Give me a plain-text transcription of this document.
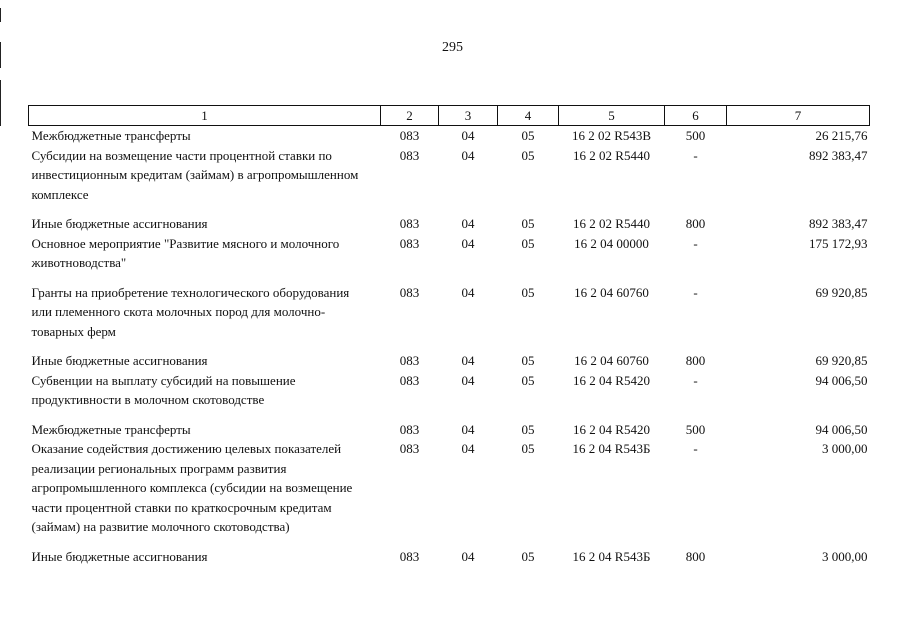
295
1	2	3	4	5	6	7
Межбюджетные трансферты	083	04	05	16 2 02 R543В	500	26 215,76
Субсидии на возмещение части процентной ставки по инвестиционным кредитам (займам) в агропромышленном комплексе	083	04	05	16 2 02 R5440	-	892 383,47
Иные бюджетные ассигнования	083	04	05	16 2 02 R5440	800	892 383,47
Основное мероприятие "Развитие мясного и молочного животноводства"	083	04	05	16 2 04 00000	-	175 172,93
Гранты на приобретение технологического оборудования или племенного скота молочных пород для молочно-товарных ферм	083	04	05	16 2 04 60760	-	69 920,85
Иные бюджетные ассигнования	083	04	05	16 2 04 60760	800	69 920,85
Субвенции на выплату субсидий на повышение продуктивности в молочном скотоводстве	083	04	05	16 2 04 R5420	-	94 006,50
Межбюджетные трансферты	083	04	05	16 2 04 R5420	500	94 006,50
Оказание содействия достижению целевых показателей реализации региональных программ развития агропромышленного комплекса (субсидии на возмещение части процентной ставки по краткосрочным кредитам (займам) на развитие молочного скотоводства)	083	04	05	16 2 04 R543Б	-	3 000,00
Иные бюджетные ассигнования	083	04	05	16 2 04 R543Б	800	3 000,00
